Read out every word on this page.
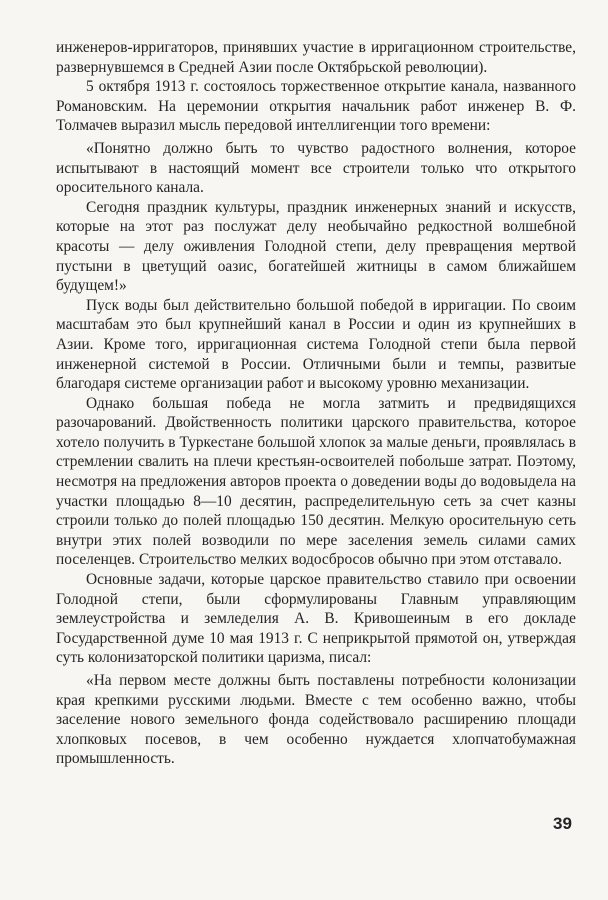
инженеров-ирригаторов, принявших участие в ирригационном строительстве, развернувшемся в Средней Азии после Октябрьской революции).

5 октября 1913 г. состоялось торжественное открытие канала, названного Романовским. На церемонии открытия начальник работ инженер В. Ф. Толмачев выразил мысль передовой интеллигенции того времени:

«Понятно должно быть то чувство радостного волнения, которое испытывают в настоящий момент все строители только что открытого оросительного канала.

Сегодня праздник культуры, праздник инженерных знаний и искусств, которые на этот раз послужат делу необычайно редкостной волшебной красоты — делу оживления Голодной степи, делу превращения мертвой пустыни в цветущий оазис, богатейшей житницы в самом ближайшем будущем!»

Пуск воды был действительно большой победой в ирригации. По своим масштабам это был крупнейший канал в России и один из крупнейших в Азии. Кроме того, ирригационная система Голодной степи была первой инженерной системой в России. Отличными были и темпы, развитые благодаря системе организации работ и высокому уровню механизации.

Однако большая победа не могла затмить и предвидящихся разочарований. Двойственность политики царского правительства, которое хотело получить в Туркестане большой хлопок за малые деньги, проявлялась в стремлении свалить на плечи крестьян-освоителей побольше затрат. Поэтому, несмотря на предложения авторов проекта о доведении воды до водовыдела на участки площадью 8—10 десятин, распределительную сеть за счет казны строили только до полей площадью 150 десятин. Мелкую оросительную сеть внутри этих полей возводили по мере заселения земель силами самих поселенцев. Строительство мелких водосбросов обычно при этом отставало.

Основные задачи, которые царское правительство ставило при освоении Голодной степи, были сформулированы Главным управляющим землеустройства и земледелия А. В. Кривошеиным в его докладе Государственной думе 10 мая 1913 г. С неприкрытой прямотой он, утверждая суть колонизаторской политики царизма, писал:

«На первом месте должны быть поставлены потребности колонизации края крепкими русскими людьми. Вместе с тем особенно важно, чтобы заселение нового земельного фонда содействовало расширению площади хлопковых посевов, в чем особенно нуждается хлопчатобумажная промышленность.

39
